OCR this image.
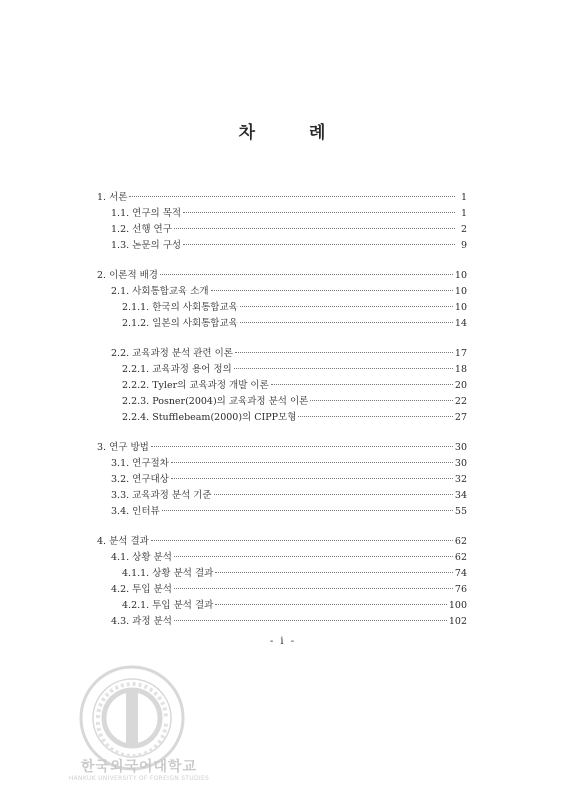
차	례
1. 서론	1
1.1. 연구의 목적	1
1.2. 선행 연구	2
1.3. 논문의 구성	9
2. 이론적 배경	10
2.1. 사회통합교육 소개	10
2.1.1. 한국의 사회통합교육	10
2.1.2. 일본의 사회통합교육	14
2.2. 교육과정 분석 관련 이론	17
2.2.1. 교육과정 용어 정의	18
2.2.2. Tyler의 교육과정 개발 이론	20
2.2.3. Posner(2004)의 교육과정 분석 이론	22
2.2.4. Stufflebeam(2000)의 CIPP모형	27
3. 연구 방법	30
3.1. 연구절차	30
3.2. 연구대상	32
3.3. 교육과정 분석 기준	34
3.4. 인터뷰	55
4. 분석 결과	62
4.1. 상황 분석	62
4.1.1. 상황 분석 결과	74
4.2. 투입 분석	76
4.2.1. 투입 분석 결과	100
4.3. 과정 분석	102
- i -
한국외국어대학교
HANKUK UNIVERSITY OF FOREIGN STUDIES
